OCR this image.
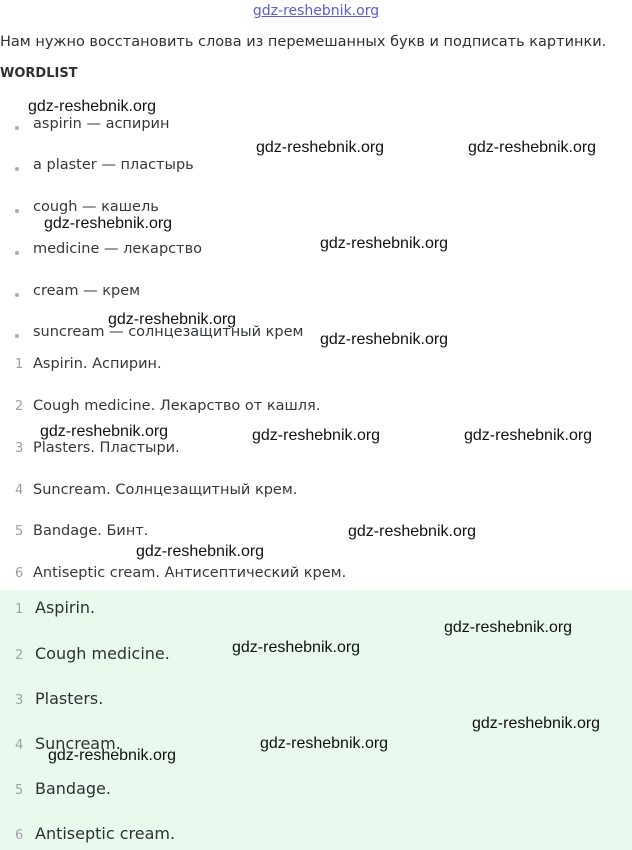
gdz-reshebnik.org
Нам нужно восстановить слова из перемешанных букв и подписать картинки.
WORDLIST
aspirin — аспирин
a plaster — пластырь
cough — кашель
medicine — лекарство
cream — крем
suncream — солнцезащитный крем
1 Aspirin. Аспирин.
2 Cough medicine. Лекарство от кашля.
3 Plasters. Пластыри.
4 Suncream. Солнцезащитный крем.
5 Bandage. Бинт.
6 Antiseptic cream. Антисептический крем.
1 Aspirin.
2 Cough medicine.
3 Plasters.
4 Suncream.
5 Bandage.
6 Antiseptic cream.
gdz-reshebnik.org
gdz-reshebnik.org	gdz-reshebnik.org
gdz-reshebnik.org
gdz-reshebnik.org
gdz-reshebnik.org
gdz-reshebnik.org
gdz-reshebnik.org	gdz-reshebnik.org	gdz-reshebnik.org
gdz-reshebnik.org
gdz-reshebnik.org
gdz-reshebnik.org
gdz-reshebnik.org
gdz-reshebnik.org
gdz-reshebnik.org
gdz-reshebnik.org
